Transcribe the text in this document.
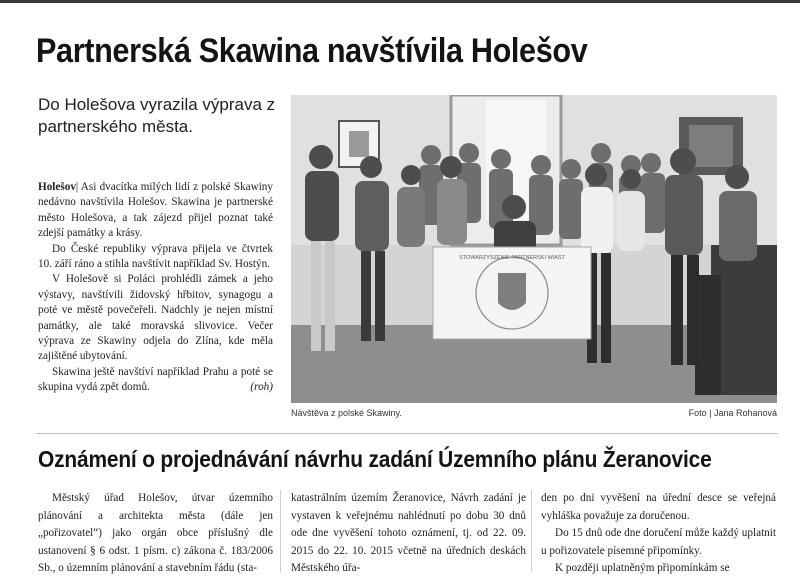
Partnerská Skawina navštívila Holešov
Do Holešova vyrazila výprava z partnerského města.

Holešov| Asi dvacítka milých lidí z polské Skawiny nedávno navštívila Holešov. Skawina je partnerské město Holešova, a tak zájezd přijel poznat také zdejší památky a krásy.

Do České republiky výprava přijela ve čtvrtek 10. září ráno a stihla navštívit například Sv. Hostýn.

V Holešově si Poláci prohlédli zámek a jeho výstavy, navštívili židovský hřbitov, synagogu a poté ve městě povečeřeli. Nadchly je nejen místní památky, ale také moravská slivovice. Večer výprava ze Skawiny odjela do Zlína, kde měla zajištěné ubytování.

Skawina ještě navštíví například Prahu a poté se skupina vydá zpět domů.	(roh)

STOWARZYSZENIE PARTNERSKI WIAST
Návštěva z polské Skawiny.	Foto | Jana Rohanová
Oznámení o projednávání návrhu zadání Územního plánu Žeranovice

Městský úřad Holešov, útvar územního plánování a architekta města (dále jen „pořizovatel“) jako orgán obce příslušný dle ustanovení § 6 odst. 1 písm. c) zákona č. 183/2006 Sb., o územním plánování a stavebním řádu (sta-

katastrálním územím Žeranovice, Návrh zadání je vystaven k veřejnému nahlédnutí po dobu 30 dnů ode dne vyvěšení tohoto oznámení, tj. od 22. 09. 2015 do 22. 10. 2015 včetně na úředních deskách Městského úřa-

den po dni vyvěšení na úřední desce se veřejná vyhláška považuje za doručenou.

Do 15 dnů ode dne doručení může každý uplatnit u pořizovatele písemné připomínky.

K později uplatněným připomínkám se
